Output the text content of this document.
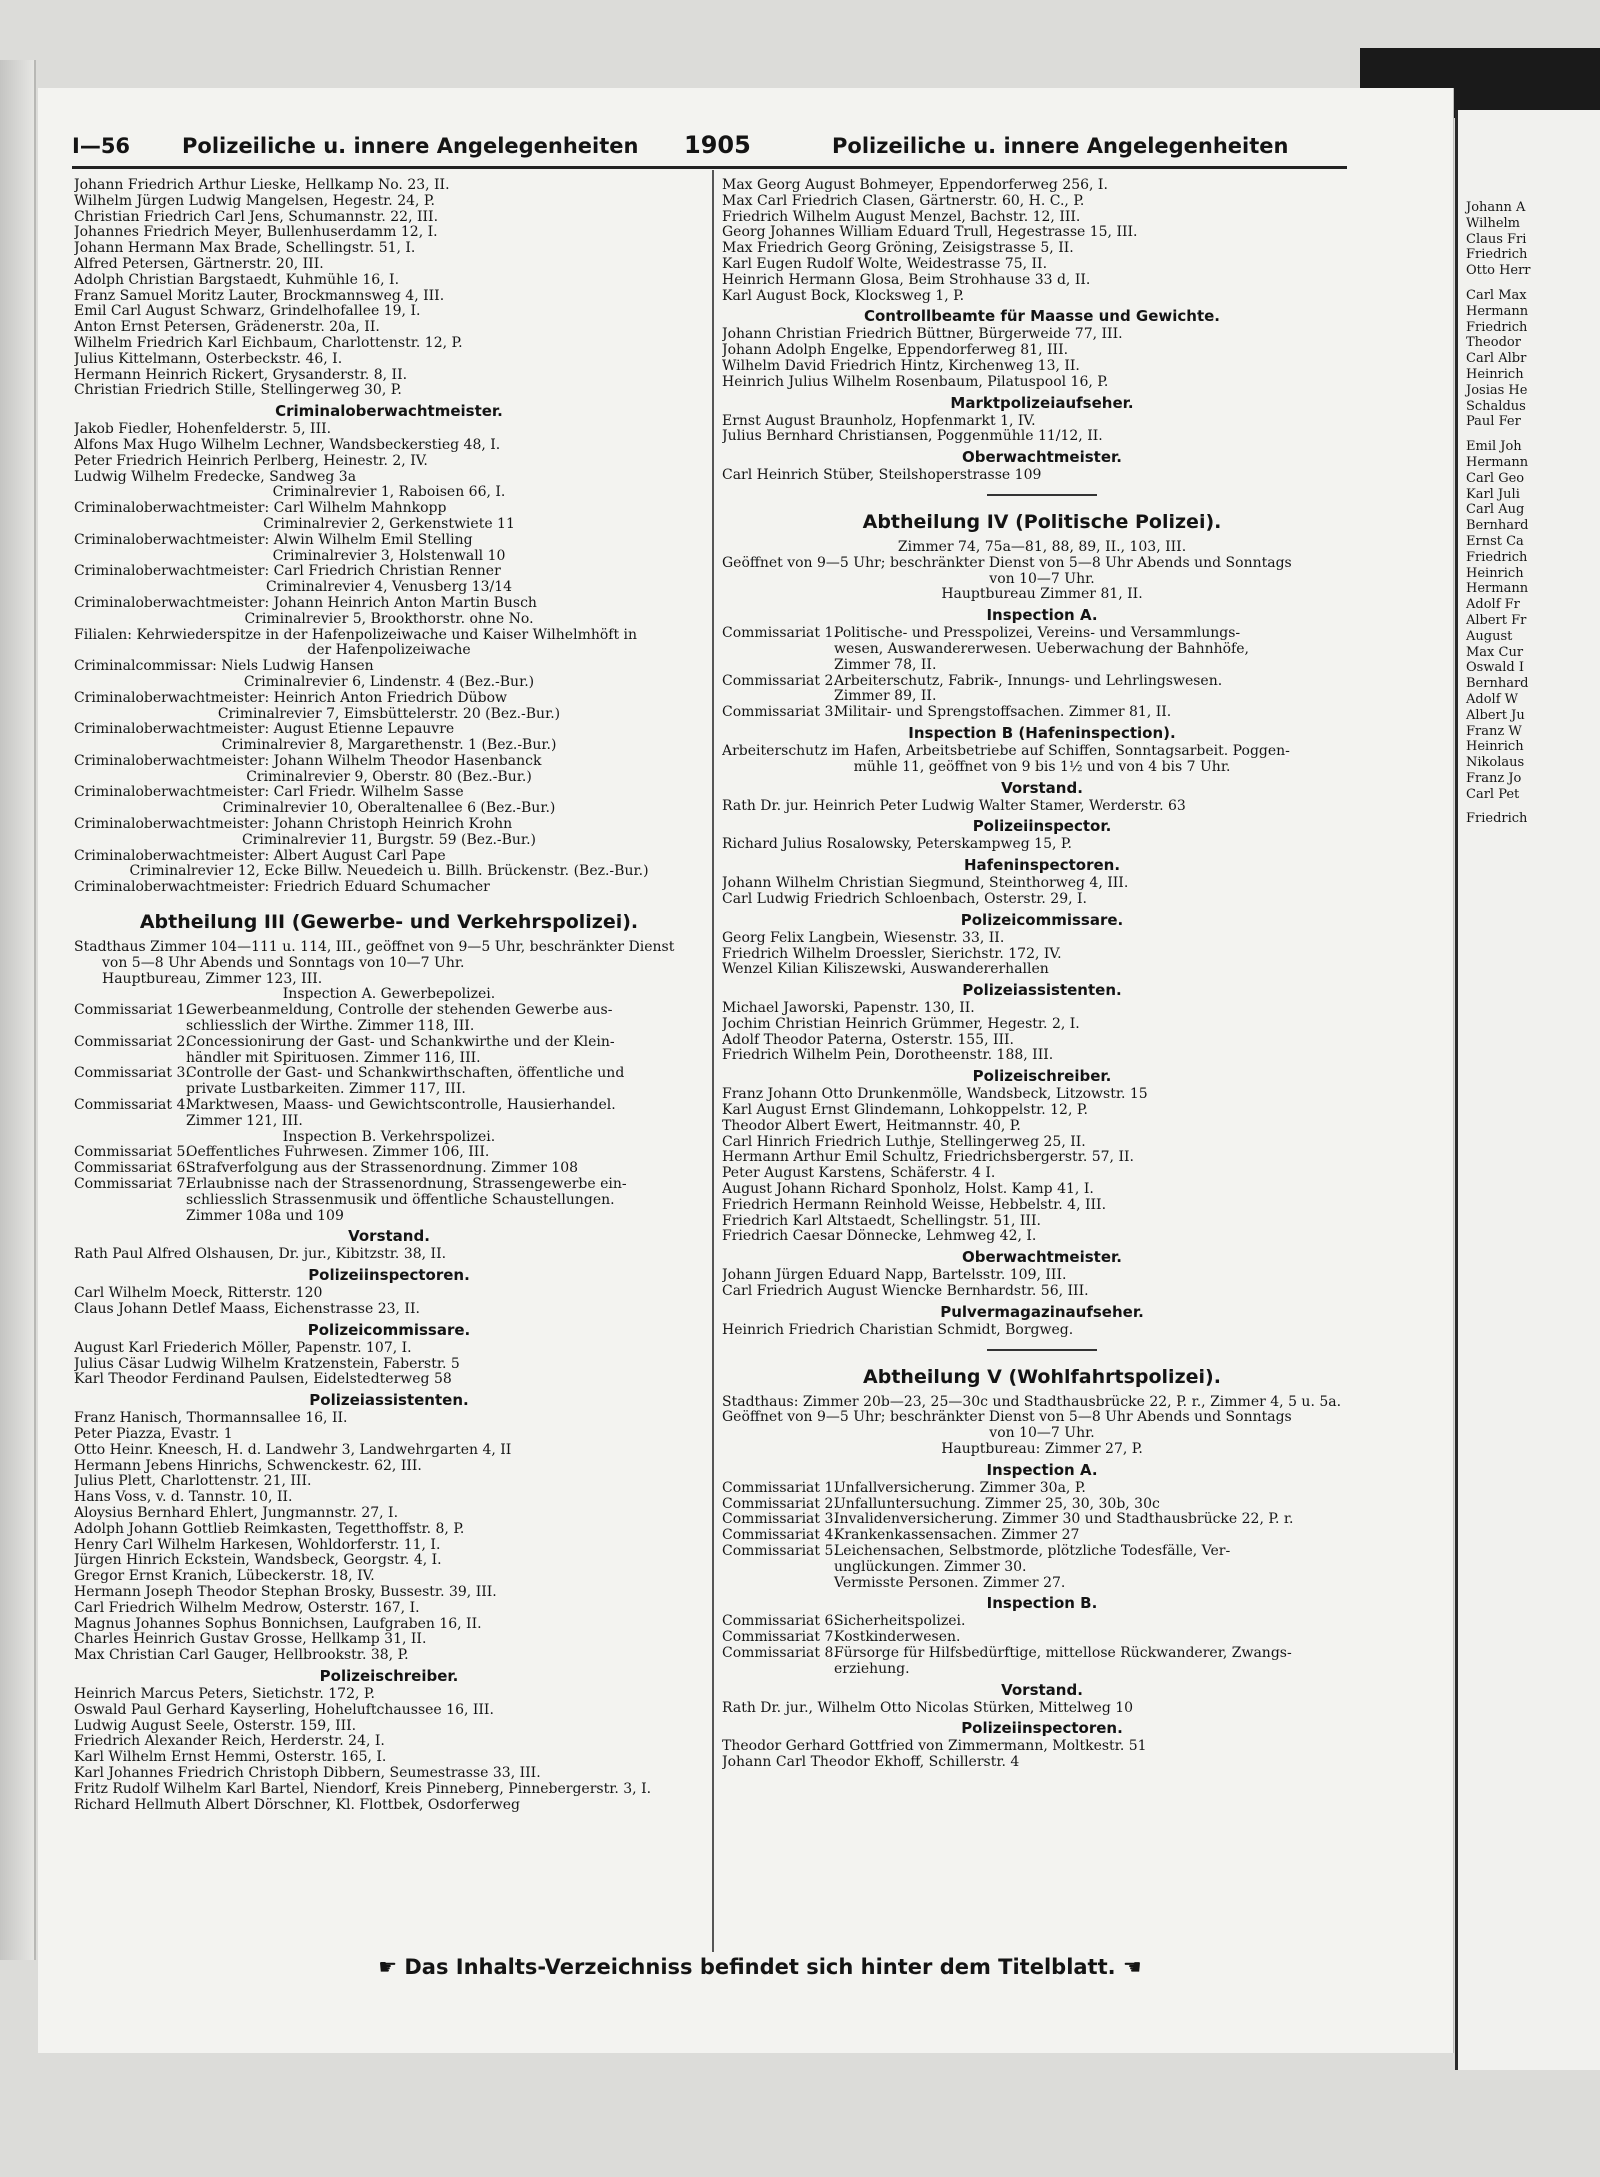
Johann A

Wilhelm

Claus Fri

Friedrich

Otto Herr

Carl Max

Hermann

Friedrich

Theodor

Carl Albr

Heinrich

Josias He

Schaldus

Paul Fer

Emil Joh

Hermann

Carl Geo

Karl Juli

Carl Aug

Bernhard

Ernst Ca

Friedrich

Heinrich

Hermann

Adolf Fr

Albert Fr

August

Max Cur

Oswald I

Bernhard

Adolf W

Albert Ju

Franz W

Heinrich

Nikolaus

Franz Jo

Carl Pet

Friedrich

I—56 Polizeiliche u. innere Angelegenheiten 1905	Polizeiliche u. innere Angelegenheiten

Johann Friedrich Arthur Lieske, Hellkamp No. 23, II.

Wilhelm Jürgen Ludwig Mangelsen, Hegestr. 24, P.

Christian Friedrich Carl Jens, Schumannstr. 22, III.

Johannes Friedrich Meyer, Bullenhuserdamm 12, I.

Johann Hermann Max Brade, Schellingstr. 51, I.

Alfred Petersen, Gärtnerstr. 20, III.

Adolph Christian Bargstaedt, Kuhmühle 16, I.

Franz Samuel Moritz Lauter, Brockmannsweg 4, III.

Emil Carl August Schwarz, Grindelhofallee 19, I.

Anton Ernst Petersen, Grädenerstr. 20a, II.

Wilhelm Friedrich Karl Eichbaum, Charlottenstr. 12, P.

Julius Kittelmann, Osterbeckstr. 46, I.

Hermann Heinrich Rickert, Grysanderstr. 8, II.

Christian Friedrich Stille, Stellingerweg 30, P.

Criminaloberwachtmeister.

Jakob Fiedler, Hohenfelderstr. 5, III.

Alfons Max Hugo Wilhelm Lechner, Wandsbeckerstieg 48, I.

Peter Friedrich Heinrich Perlberg, Heinestr. 2, IV.

Ludwig Wilhelm Fredecke, Sandweg 3a

Criminalrevier 1, Raboisen 66, I.

Criminaloberwachtmeister: Carl Wilhelm Mahnkopp

Criminalrevier 2, Gerkenstwiete 11

Criminaloberwachtmeister: Alwin Wilhelm Emil Stelling

Criminalrevier 3, Holstenwall 10

Criminaloberwachtmeister: Carl Friedrich Christian Renner

Criminalrevier 4, Venusberg 13/14

Criminaloberwachtmeister: Johann Heinrich Anton Martin Busch

Criminalrevier 5, Brookthorstr. ohne No.

Filialen: Kehrwiederspitze in der Hafenpolizeiwache und Kaiser Wilhelmhöft in

der Hafenpolizeiwache

Criminalcommissar: Niels Ludwig Hansen

Criminalrevier 6, Lindenstr. 4 (Bez.-Bur.)

Criminaloberwachtmeister: Heinrich Anton Friedrich Dübow

Criminalrevier 7, Eimsbüttelerstr. 20 (Bez.-Bur.)

Criminaloberwachtmeister: August Etienne Lepauvre

Criminalrevier 8, Margarethenstr. 1 (Bez.-Bur.)

Criminaloberwachtmeister: Johann Wilhelm Theodor Hasenbanck

Criminalrevier 9, Oberstr. 80 (Bez.-Bur.)

Criminaloberwachtmeister: Carl Friedr. Wilhelm Sasse

Criminalrevier 10, Oberaltenallee 6 (Bez.-Bur.)

Criminaloberwachtmeister: Johann Christoph Heinrich Krohn

Criminalrevier 11, Burgstr. 59 (Bez.-Bur.)

Criminaloberwachtmeister: Albert August Carl Pape

Criminalrevier 12, Ecke Billw. Neuedeich u. Billh. Brückenstr. (Bez.-Bur.)

Criminaloberwachtmeister: Friedrich Eduard Schumacher

Abtheilung III (Gewerbe- und Verkehrspolizei).

Stadthaus Zimmer 104—111 u. 114, III., geöffnet von 9—5 Uhr, beschränkter Dienst

von 5—8 Uhr Abends und Sonntags von 10—7 Uhr.

Hauptbureau, Zimmer 123, III.

Inspection A. Gewerbepolizei.

Commissariat 1.
Gewerbeanmeldung, Controlle der stehenden Gewerbe aus-

schliesslich der Wirthe. Zimmer 118, III.

Commissariat 2.
Concessionirung der Gast- und Schankwirthe und der Klein-

händler mit Spirituosen. Zimmer 116, III.

Commissariat 3.
Controlle der Gast- und Schankwirthschaften, öffentliche und

private Lustbarkeiten. Zimmer 117, III.

Commissariat 4.
Marktwesen, Maass- und Gewichtscontrolle, Hausierhandel.

Zimmer 121, III.

Inspection B. Verkehrspolizei.

Commissariat 5.
Oeffentliches Fuhrwesen. Zimmer 106, III.
Commissariat 6.
Strafverfolgung aus der Strassenordnung. Zimmer 108
Commissariat 7.
Erlaubnisse nach der Strassenordnung, Strassengewerbe ein-

schliesslich Strassenmusik und öffentliche Schaustellungen.

Zimmer 108a und 109

Vorstand.

Rath Paul Alfred Olshausen, Dr. jur., Kibitzstr. 38, II.

Polizeiinspectoren.

Carl Wilhelm Moeck, Ritterstr. 120

Claus Johann Detlef Maass, Eichenstrasse 23, II.

Polizeicommissare.

August Karl Friederich Möller, Papenstr. 107, I.

Julius Cäsar Ludwig Wilhelm Kratzenstein, Faberstr. 5

Karl Theodor Ferdinand Paulsen, Eidelstedterweg 58

Polizeiassistenten.

Franz Hanisch, Thormannsallee 16, II.

Peter Piazza, Evastr. 1

Otto Heinr. Kneesch, H. d. Landwehr 3, Landwehrgarten 4, II

Hermann Jebens Hinrichs, Schwenckestr. 62, III.

Julius Plett, Charlottenstr. 21, III.

Hans Voss, v. d. Tannstr. 10, II.

Aloysius Bernhard Ehlert, Jungmannstr. 27, I.

Adolph Johann Gottlieb Reimkasten, Tegetthoffstr. 8, P.

Henry Carl Wilhelm Harkesen, Wohldorferstr. 11, I.

Jürgen Hinrich Eckstein, Wandsbeck, Georgstr. 4, I.

Gregor Ernst Kranich, Lübeckerstr. 18, IV.

Hermann Joseph Theodor Stephan Brosky, Bussestr. 39, III.

Carl Friedrich Wilhelm Medrow, Osterstr. 167, I.

Magnus Johannes Sophus Bonnichsen, Laufgraben 16, II.

Charles Heinrich Gustav Grosse, Hellkamp 31, II.

Max Christian Carl Gauger, Hellbrookstr. 38, P.

Polizeischreiber.

Heinrich Marcus Peters, Sietichstr. 172, P.

Oswald Paul Gerhard Kayserling, Hoheluftchaussee 16, III.

Ludwig August Seele, Osterstr. 159, III.

Friedrich Alexander Reich, Herderstr. 24, I.

Karl Wilhelm Ernst Hemmi, Osterstr. 165, I.

Karl Johannes Friedrich Christoph Dibbern, Seumestrasse 33, III.

Fritz Rudolf Wilhelm Karl Bartel, Niendorf, Kreis Pinneberg, Pinnebergerstr. 3, I.

Richard Hellmuth Albert Dörschner, Kl. Flottbek, Osdorferweg

Max Georg August Bohmeyer, Eppendorferweg 256, I.

Max Carl Friedrich Clasen, Gärtnerstr. 60, H. C., P.

Friedrich Wilhelm August Menzel, Bachstr. 12, III.

Georg Johannes William Eduard Trull, Hegestrasse 15, III.

Max Friedrich Georg Gröning, Zeisigstrasse 5, II.

Karl Eugen Rudolf Wolte, Weidestrasse 75, II.

Heinrich Hermann Glosa, Beim Strohhause 33 d, II.

Karl August Bock, Klocksweg 1, P.

Controllbeamte für Maasse und Gewichte.

Johann Christian Friedrich Büttner, Bürgerweide 77, III.

Johann Adolph Engelke, Eppendorferweg 81, III.

Wilhelm David Friedrich Hintz, Kirchenweg 13, II.

Heinrich Julius Wilhelm Rosenbaum, Pilatuspool 16, P.

Marktpolizeiaufseher.

Ernst August Braunholz, Hopfenmarkt 1, IV.

Julius Bernhard Christiansen, Poggenmühle 11/12, II.

Oberwachtmeister.

Carl Heinrich Stüber, Steilshoperstrasse 109

Abtheilung IV (Politische Polizei).

Zimmer 74, 75a—81, 88, 89, II., 103, III.

Geöffnet von 9—5 Uhr; beschränkter Dienst von 5—8 Uhr Abends und Sonntags

von 10—7 Uhr.

Hauptbureau Zimmer 81, II.

Inspection A.

Commissariat 1.
Politische- und Presspolizei, Vereins- und Versammlungs-

wesen, Auswandererwesen. Ueberwachung der Bahnhöfe,

Zimmer 78, II.

Commissariat 2.
Arbeiterschutz, Fabrik-, Innungs- und Lehrlingswesen.

Zimmer 89, II.

Commissariat 3.
Militair- und Sprengstoffsachen. Zimmer 81, II.

Inspection B (Hafeninspection).

Arbeiterschutz im Hafen, Arbeitsbetriebe auf Schiffen, Sonntagsarbeit. Poggen-

mühle 11, geöffnet von 9 bis 1½ und von 4 bis 7 Uhr.

Vorstand.

Rath Dr. jur. Heinrich Peter Ludwig Walter Stamer, Werderstr. 63

Polizeiinspector.

Richard Julius Rosalowsky, Peterskampweg 15, P.

Hafeninspectoren.

Johann Wilhelm Christian Siegmund, Steinthorweg 4, III.

Carl Ludwig Friedrich Schloenbach, Osterstr. 29, I.

Polizeicommissare.

Georg Felix Langbein, Wiesenstr. 33, II.

Friedrich Wilhelm Droessler, Sierichstr. 172, IV.

Wenzel Kilian Kiliszewski, Auswandererhallen

Polizeiassistenten.

Michael Jaworski, Papenstr. 130, II.

Jochim Christian Heinrich Grümmer, Hegestr. 2, I.

Adolf Theodor Paterna, Osterstr. 155, III.

Friedrich Wilhelm Pein, Dorotheenstr. 188, III.

Polizeischreiber.

Franz Johann Otto Drunkenmölle, Wandsbeck, Litzowstr. 15

Karl August Ernst Glindemann, Lohkoppelstr. 12, P.

Theodor Albert Ewert, Heitmannstr. 40, P.

Carl Hinrich Friedrich Luthje, Stellingerweg 25, II.

Hermann Arthur Emil Schultz, Friedrichsbergerstr. 57, II.

Peter August Karstens, Schäferstr. 4 I.

August Johann Richard Sponholz, Holst. Kamp 41, I.

Friedrich Hermann Reinhold Weisse, Hebbelstr. 4, III.

Friedrich Karl Altstaedt, Schellingstr. 51, III.

Friedrich Caesar Dönnecke, Lehmweg 42, I.

Oberwachtmeister.

Johann Jürgen Eduard Napp, Bartelsstr. 109, III.

Carl Friedrich August Wiencke Bernhardstr. 56, III.

Pulvermagazinaufseher.

Heinrich Friedrich Charistian Schmidt, Borgweg.

Abtheilung V (Wohlfahrtspolizei).

Stadthaus: Zimmer 20b—23, 25—30c und Stadthausbrücke 22, P. r., Zimmer 4, 5 u. 5a.

Geöffnet von 9—5 Uhr; beschränkter Dienst von 5—8 Uhr Abends und Sonntags

von 10—7 Uhr.

Hauptbureau: Zimmer 27, P.

Inspection A.

Commissariat 1.
Unfallversicherung. Zimmer 30a, P.
Commissariat 2.
Unfalluntersuchung. Zimmer 25, 30, 30b, 30c
Commissariat 3.
Invalidenversicherung. Zimmer 30 und Stadthausbrücke 22, P. r.
Commissariat 4.
Krankenkassensachen. Zimmer 27
Commissariat 5.
Leichensachen, Selbstmorde, plötzliche Todesfälle, Ver-

unglückungen. Zimmer 30.

Vermisste Personen. Zimmer 27.

Inspection B.

Commissariat 6.
Sicherheitspolizei.
Commissariat 7.
Kostkinderwesen.
Commissariat 8.
Fürsorge für Hilfsbedürftige, mittellose Rückwanderer, Zwangs-

erziehung.

Vorstand.

Rath Dr. jur., Wilhelm Otto Nicolas Stürken, Mittelweg 10

Polizeiinspectoren.

Theodor Gerhard Gottfried von Zimmermann, Moltkestr. 51

Johann Carl Theodor Ekhoff, Schillerstr. 4

☛ Das Inhalts-Verzeichniss befindet sich hinter dem Titelblatt. ☚
